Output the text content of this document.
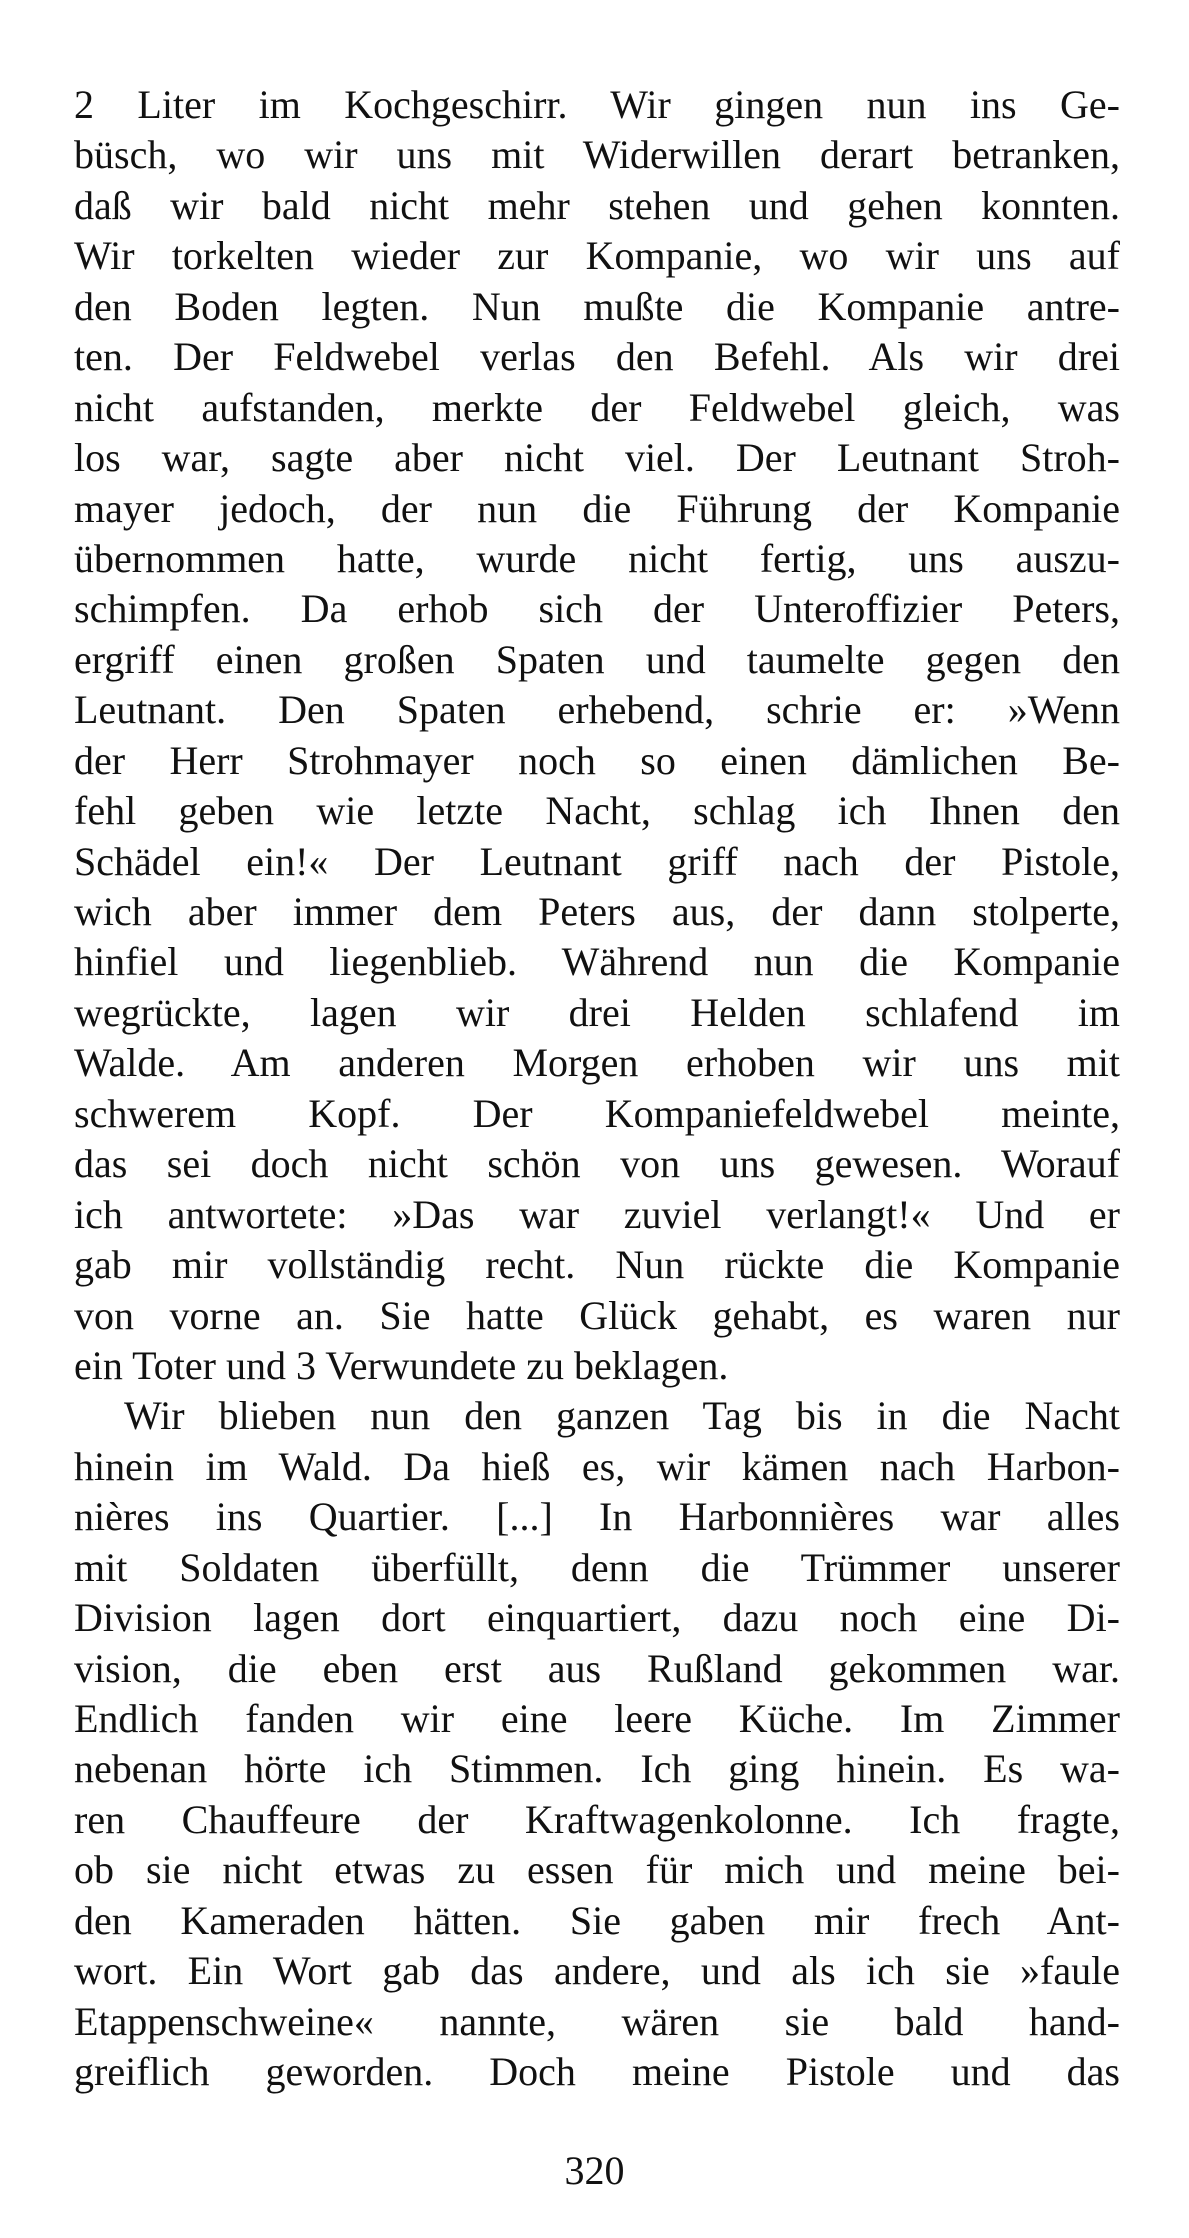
2 Liter im Kochgeschirr. Wir gingen nun ins Ge-
büsch, wo wir uns mit Widerwillen derart betranken,
daß wir bald nicht mehr stehen und gehen konnten.
Wir torkelten wieder zur Kompanie, wo wir uns auf
den Boden legten. Nun mußte die Kompanie antre-
ten. Der Feldwebel verlas den Befehl. Als wir drei
nicht aufstanden, merkte der Feldwebel gleich, was
los war, sagte aber nicht viel. Der Leutnant Stroh-
mayer jedoch, der nun die Führung der Kompanie
übernommen hatte, wurde nicht fertig, uns auszu-
schimpfen. Da erhob sich der Unteroffizier Peters,
ergriff einen großen Spaten und taumelte gegen den
Leutnant. Den Spaten erhebend, schrie er: »Wenn
der Herr Strohmayer noch so einen dämlichen Be-
fehl geben wie letzte Nacht, schlag ich Ihnen den
Schädel ein!« Der Leutnant griff nach der Pistole,
wich aber immer dem Peters aus, der dann stolperte,
hinfiel und liegenblieb. Während nun die Kompanie
wegrückte, lagen wir drei Helden schlafend im
Walde. Am anderen Morgen erhoben wir uns mit
schwerem Kopf. Der Kompaniefeldwebel meinte,
das sei doch nicht schön von uns gewesen. Worauf
ich antwortete: »Das war zuviel verlangt!« Und er
gab mir vollständig recht. Nun rückte die Kompanie
von vorne an. Sie hatte Glück gehabt, es waren nur
ein Toter und 3 Verwundete zu beklagen.
Wir blieben nun den ganzen Tag bis in die Nacht
hinein im Wald. Da hieß es, wir kämen nach Harbon-
nières ins Quartier. [...] In Harbonnières war alles
mit Soldaten überfüllt, denn die Trümmer unserer
Division lagen dort einquartiert, dazu noch eine Di-
vision, die eben erst aus Rußland gekommen war.
Endlich fanden wir eine leere Küche. Im Zimmer
nebenan hörte ich Stimmen. Ich ging hinein. Es wa-
ren Chauffeure der Kraftwagenkolonne. Ich fragte,
ob sie nicht etwas zu essen für mich und meine bei-
den Kameraden hätten. Sie gaben mir frech Ant-
wort. Ein Wort gab das andere, und als ich sie »faule
Etappenschweine« nannte, wären sie bald hand-
greiflich geworden. Doch meine Pistole und das
320
